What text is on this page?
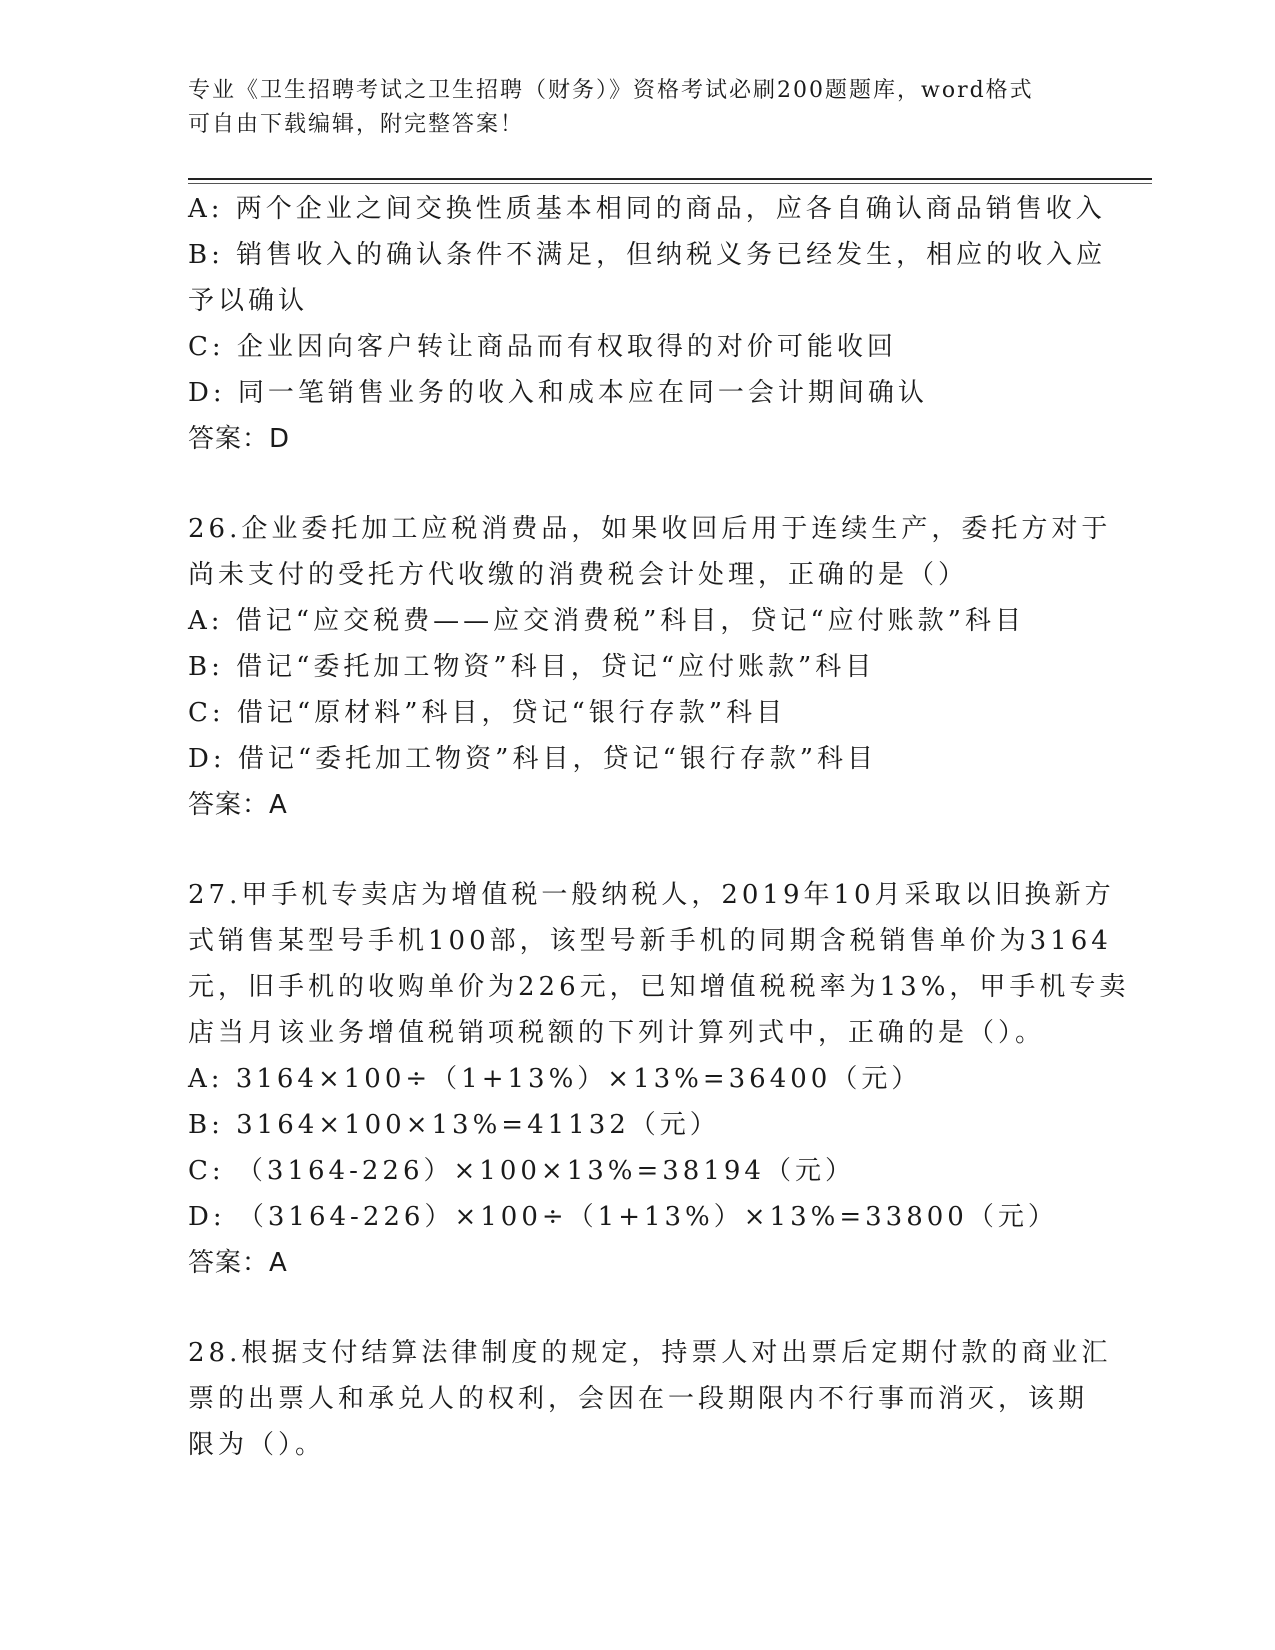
专业《卫生招聘考试之卫生招聘（财务）》资格考试必刷200题题库，word格式
可自由下载编辑，附完整答案！
A: 两个企业之间交换性质基本相同的商品，应各自确认商品销售收入
B: 销售收入的确认条件不满足，但纳税义务已经发生，相应的收入应
予以确认
C: 企业因向客户转让商品而有权取得的对价可能收回
D: 同一笔销售业务的收入和成本应在同一会计期间确认
答案：D
26.企业委托加工应税消费品，如果收回后用于连续生产，委托方对于
尚未支付的受托方代收缴的消费税会计处理，正确的是（）
A: 借记“应交税费——应交消费税”科目，贷记“应付账款”科目
B: 借记“委托加工物资”科目，贷记“应付账款”科目
C: 借记“原材料”科目，贷记“银行存款”科目
D: 借记“委托加工物资”科目，贷记“银行存款”科目
答案：A
27.甲手机专卖店为增值税一般纳税人，2019年10月采取以旧换新方
式销售某型号手机100部，该型号新手机的同期含税销售单价为3164
元，旧手机的收购单价为226元，已知增值税税率为13%，甲手机专卖
店当月该业务增值税销项税额的下列计算列式中，正确的是（）。
A: 3164×100÷（1+13%）×13%=36400（元）
B: 3164×100×13%=41132（元）
C: （3164-226）×100×13%=38194（元）
D: （3164-226）×100÷（1+13%）×13%=33800（元）
答案：A
28.根据支付结算法律制度的规定，持票人对出票后定期付款的商业汇
票的出票人和承兑人的权利，会因在一段期限内不行事而消灭，该期
限为（）。
